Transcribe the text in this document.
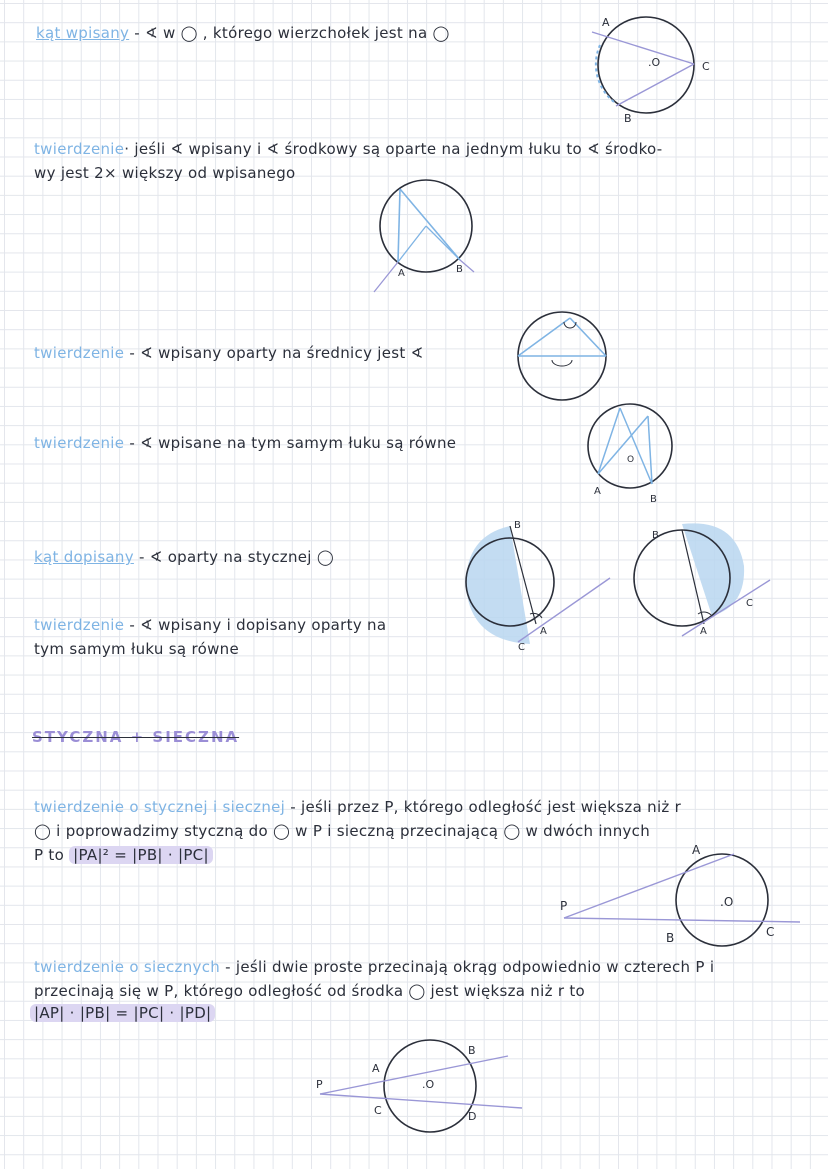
kąt wpisany - ∢ w ◯ , którego wierzchołek jest na ◯
A
.O	C
B
twierdzenie· jeśli ∢ wpisany i ∢ środkowy są oparte na jednym łuku to ∢ środko-
wy jest 2× większy od wpisanego
A	B
twierdzenie - ∢ wpisany oparty na średnicy jest ∢
twierdzenie - ∢ wpisane na tym samym łuku są równe
A
B
O
kąt dopisany - ∢ oparty na stycznej ◯
twierdzenie - ∢ wpisany i dopisany oparty na
tym samym łuku są równe
B
A
C
B
A
C
STYCZNA + SIECZNA
twierdzenie o stycznej i siecznej - jeśli przez P, którego odległość jest większa niż r
◯ i poprowadzimy styczną do ◯ w P i sieczną przecinającą ◯ w dwóch innych
P to |PA|² = |PB| · |PC|	A
.O
P
B	C
twierdzenie o siecznych - jeśli dwie proste przecinają okrąg odpowiednio w czterech P i
przecinają się w P, którego odległość od środka ◯ jest większa niż r to
|AP| · |PB| = |PC| · |PD|
P
A
.O
B
C	D
